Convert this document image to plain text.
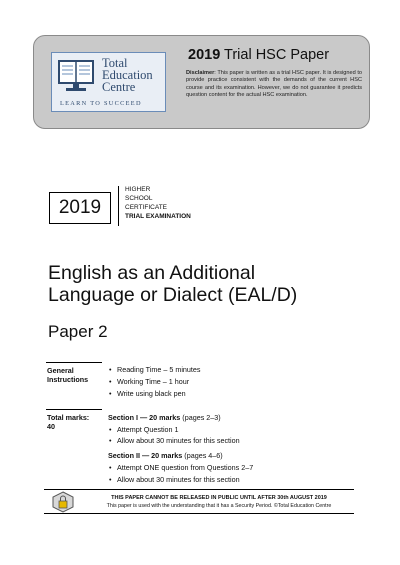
Total
Education
Centre
LEARN TO SUCCEED
2019 Trial HSC Paper
Disclaimer: This paper is written as a trial HSC paper. It is designed to provide practice consistent with the demands of the current HSC course and its examination. However, we do not guarantee it predicts question content for the actual HSC examination.
2019
HIGHER
SCHOOL
CERTIFICATE
TRIAL EXAMINATION
English as an Additional
Language or Dialect (EAL/D)
Paper 2
General
Instructions
• Reading Time – 5 minutes
• Working Time – 1 hour
• Write using black pen
Total marks:
40
Section I — 20 marks (pages 2–3)
• Attempt Question 1
• Allow about 30 minutes for this section
Section II — 20 marks (pages 4–6)
• Attempt ONE question from Questions 2–7
• Allow about 30 minutes for this section
THIS PAPER CANNOT BE RELEASED IN PUBLIC UNTIL AFTER 30th AUGUST 2019
This paper is used with the understanding that it has a Security Period. ©Total Education Centre
